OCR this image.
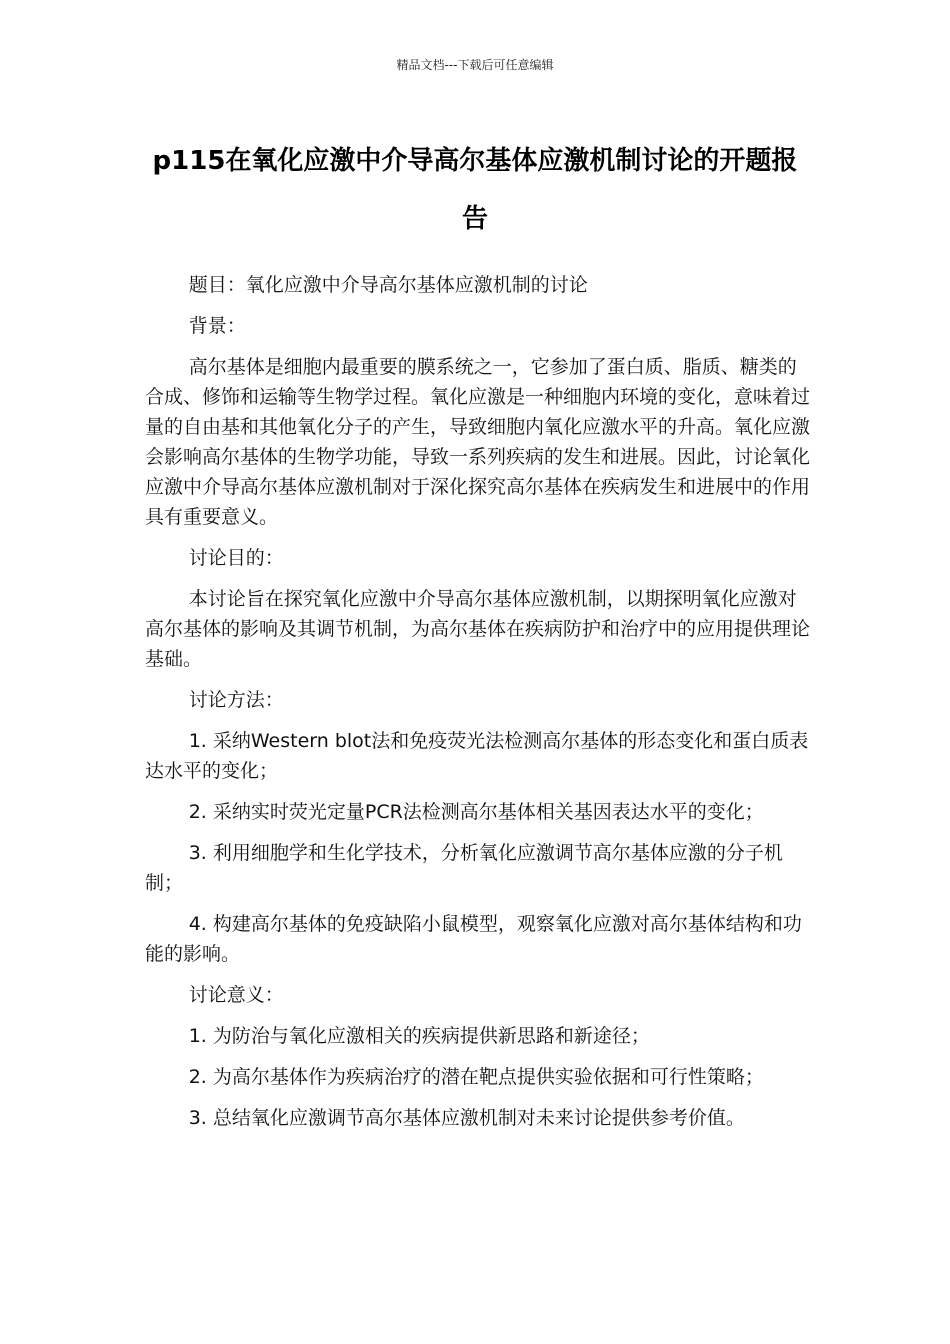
精品文档---下载后可任意编辑
p115在氧化应激中介导高尔基体应激机制讨论的开题报告

题目：氧化应激中介导高尔基体应激机制的讨论

背景：

高尔基体是细胞内最重要的膜系统之一，它参加了蛋白质、脂质、糖类的合成、修饰和运输等生物学过程。氧化应激是一种细胞内环境的变化，意味着过量的自由基和其他氧化分子的产生，导致细胞内氧化应激水平的升高。氧化应激会影响高尔基体的生物学功能，导致一系列疾病的发生和进展。因此，讨论氧化应激中介导高尔基体应激机制对于深化探究高尔基体在疾病发生和进展中的作用具有重要意义。

讨论目的：

本讨论旨在探究氧化应激中介导高尔基体应激机制，以期探明氧化应激对高尔基体的影响及其调节机制，为高尔基体在疾病防护和治疗中的应用提供理论基础。

讨论方法：

1. 采纳Western blot法和免疫荧光法检测高尔基体的形态变化和蛋白质表达水平的变化；

2. 采纳实时荧光定量PCR法检测高尔基体相关基因表达水平的变化；

3. 利用细胞学和生化学技术，分析氧化应激调节高尔基体应激的分子机制；

4. 构建高尔基体的免疫缺陷小鼠模型，观察氧化应激对高尔基体结构和功能的影响。

讨论意义：

1. 为防治与氧化应激相关的疾病提供新思路和新途径；

2. 为高尔基体作为疾病治疗的潜在靶点提供实验依据和可行性策略；

3. 总结氧化应激调节高尔基体应激机制对未来讨论提供参考价值。
